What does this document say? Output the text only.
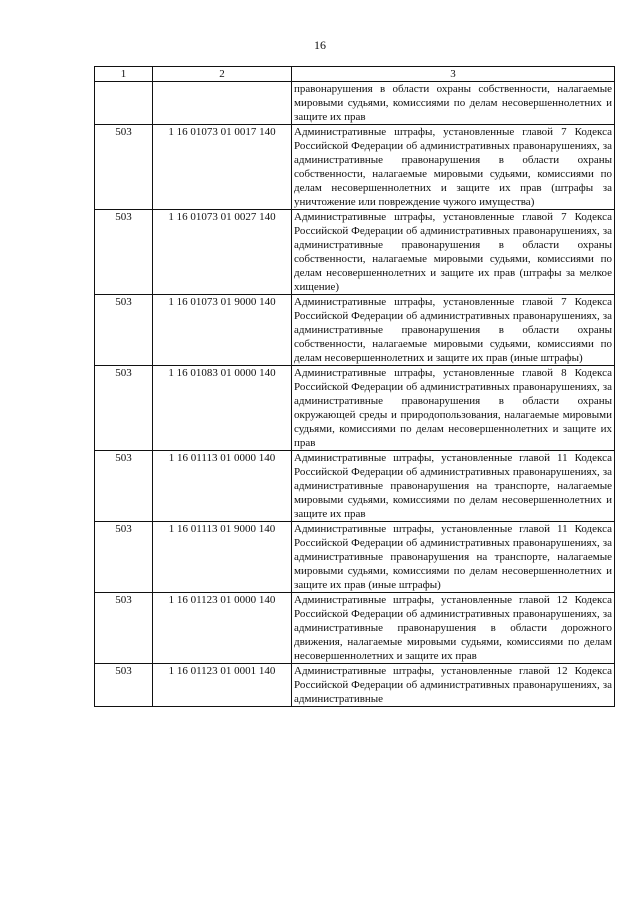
16
1	2	3
		правонарушения в области охраны собственности, налагаемые мировыми судьями, комиссиями по делам несовершеннолетних и защите их прав
503	1 16 01073 01 0017 140	Административные штрафы, установленные главой 7 Кодекса Российской Федерации об административных правонарушениях, за административные правонарушения в области охраны собственности, налагаемые мировыми судьями, комиссиями по делам несовершеннолетних и защите их прав (штрафы за уничтожение или повреждение чужого имущества)
503	1 16 01073 01 0027 140	Административные штрафы, установленные главой 7 Кодекса Российской Федерации об административных правонарушениях, за административные правонарушения в области охраны собственности, налагаемые мировыми судьями, комиссиями по делам несовершеннолетних и защите их прав (штрафы за мелкое хищение)
503	1 16 01073 01 9000 140	Административные штрафы, установленные главой 7 Кодекса Российской Федерации об административных правонарушениях, за административные правонарушения в области охраны собственности, налагаемые мировыми судьями, комиссиями по делам несовершеннолетних и защите их прав (иные штрафы)
503	1 16 01083 01 0000 140	Административные штрафы, установленные главой 8 Кодекса Российской Федерации об административных правонарушениях, за административные правонарушения в области охраны окружающей среды и природопользования, налагаемые мировыми судьями, комиссиями по делам несовершеннолетних и защите их прав
503	1 16 01113 01 0000 140	Административные штрафы, установленные главой 11 Кодекса Российской Федерации об административных правонарушениях, за административные правонарушения на транспорте, налагаемые мировыми судьями, комиссиями по делам несовершеннолетних и защите их прав
503	1 16 01113 01 9000 140	Административные штрафы, установленные главой 11 Кодекса Российской Федерации об административных правонарушениях, за административные правонарушения на транспорте, налагаемые мировыми судьями, комиссиями по делам несовершеннолетних и защите их прав (иные штрафы)
503	1 16 01123 01 0000 140	Административные штрафы, установленные главой 12 Кодекса Российской Федерации об административных правонарушениях, за административные правонарушения в области дорожного движения, налагаемые мировыми судьями, комиссиями по делам несовершеннолетних и защите их прав
503	1 16 01123 01 0001 140	Административные штрафы, установленные главой 12 Кодекса Российской Федерации об административных правонарушениях, за административные
